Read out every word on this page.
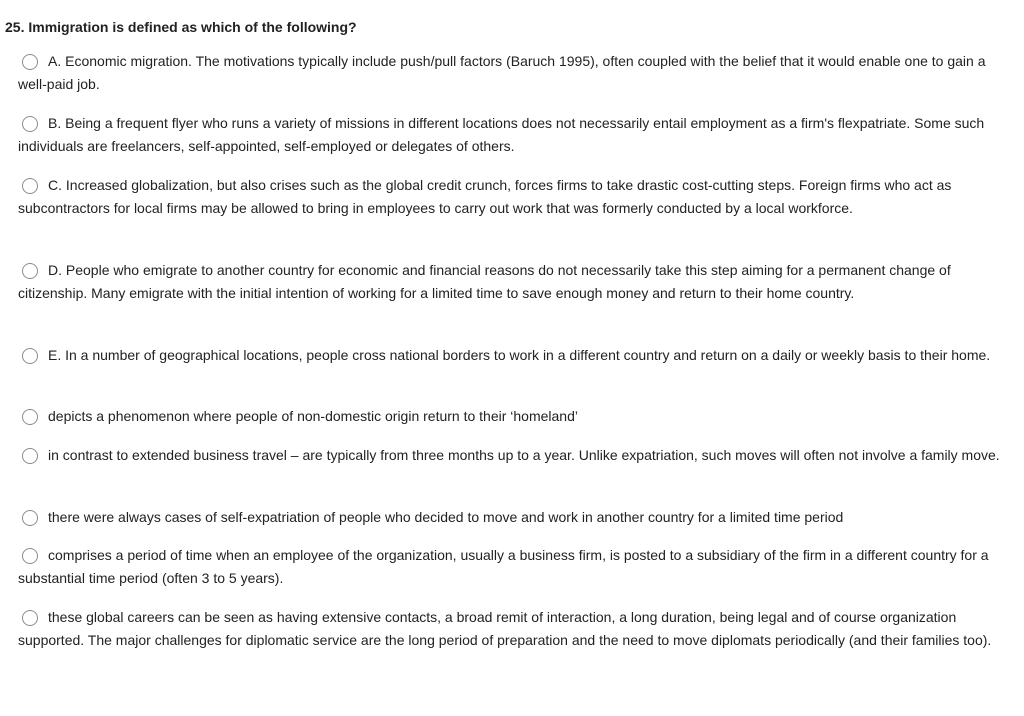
25. Immigration is defined as which of the following?

A. Economic migration. The motivations typically include push/pull factors (Baruch 1995), often coupled with the belief that it would enable one to gain a well-paid job.

B. Being a frequent flyer who runs a variety of missions in different locations does not necessarily entail employment as a firm's flexpatriate. Some such individuals are freelancers, self-appointed, self-employed or delegates of others.

C. Increased globalization, but also crises such as the global credit crunch, forces firms to take drastic cost-cutting steps. Foreign firms who act as subcontractors for local firms may be allowed to bring in employees to carry out work that was formerly conducted by a local workforce.

D. People who emigrate to another country for economic and financial reasons do not necessarily take this step aiming for a permanent change of citizenship. Many emigrate with the initial intention of working for a limited time to save enough money and return to their home country.

E. In a number of geographical locations, people cross national borders to work in a different country and return on a daily or weekly basis to their home.

depicts a phenomenon where people of non-domestic origin return to their ‘homeland’

in contrast to extended business travel – are typically from three months up to a year. Unlike expatriation, such moves will often not involve a family move.

there were always cases of self-expatriation of people who decided to move and work in another country for a limited time period

comprises a period of time when an employee of the organization, usually a business firm, is posted to a subsidiary of the firm in a different country for a substantial time period (often 3 to 5 years).

these global careers can be seen as having extensive contacts, a broad remit of interaction, a long duration, being legal and of course organization supported. The major challenges for diplomatic service are the long period of preparation and the need to move diplomats periodically (and their families too).
